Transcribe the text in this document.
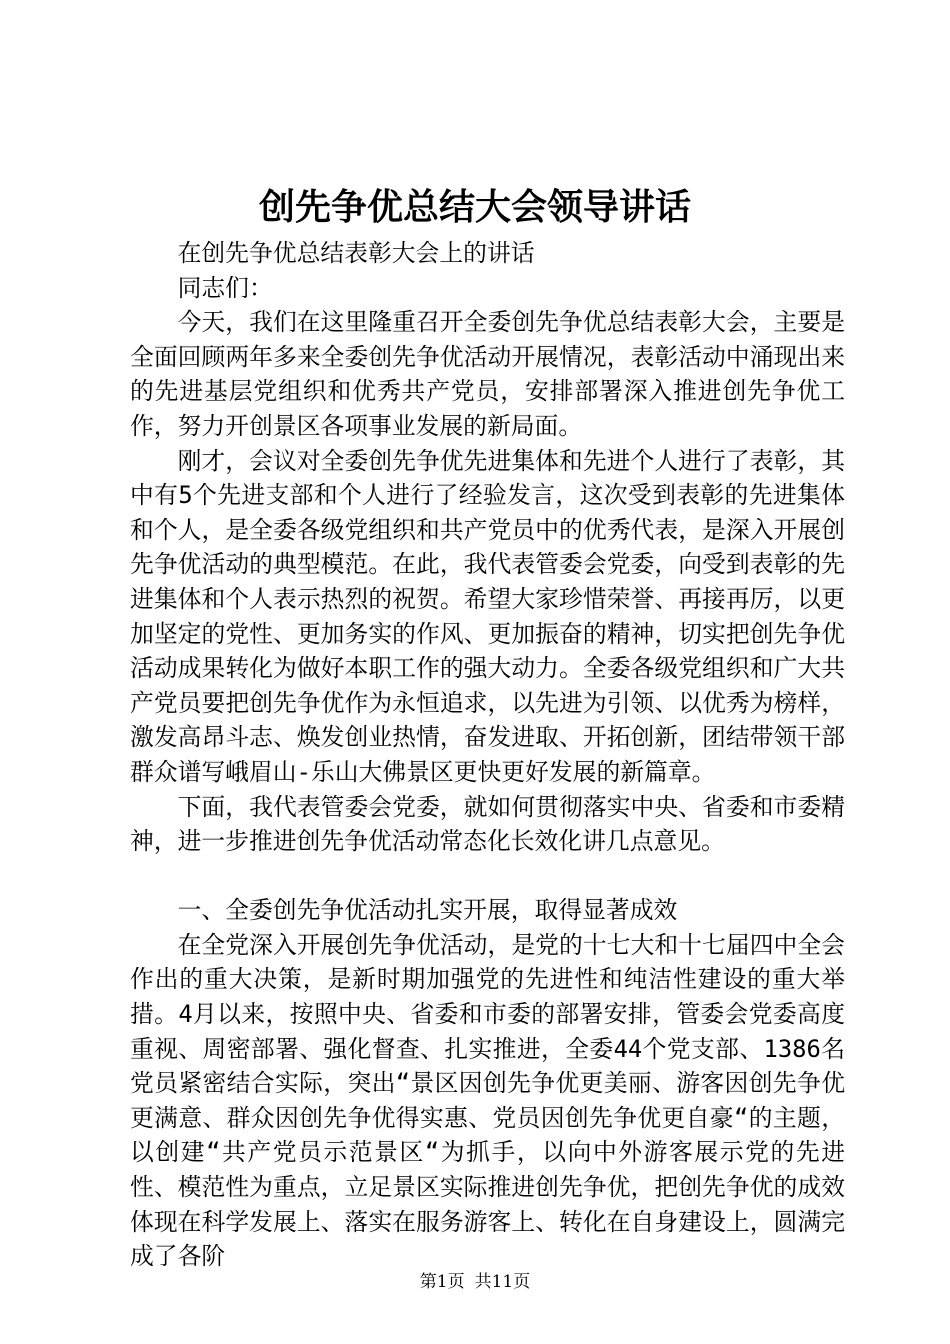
创先争优总结大会领导讲话

在创先争优总结表彰大会上的讲话

同志们：

今天，我们在这里隆重召开全委创先争优总结表彰大会，主要是全面回顾两年多来全委创先争优活动开展情况，表彰活动中涌现出来的先进基层党组织和优秀共产党员，安排部署深入推进创先争优工作，努力开创景区各项事业发展的新局面。

刚才，会议对全委创先争优先进集体和先进个人进行了表彰，其中有5个先进支部和个人进行了经验发言，这次受到表彰的先进集体和个人，是全委各级党组织和共产党员中的优秀代表，是深入开展创先争优活动的典型模范。在此，我代表管委会党委，向受到表彰的先进集体和个人表示热烈的祝贺。希望大家珍惜荣誉、再接再厉，以更加坚定的党性、更加务实的作风、更加振奋的精神，切实把创先争优活动成果转化为做好本职工作的强大动力。全委各级党组织和广大共产党员要把创先争优作为永恒追求，以先进为引领、以优秀为榜样，激发高昂斗志、焕发创业热情，奋发进取、开拓创新，团结带领干部群众谱写峨眉山-乐山大佛景区更快更好发展的新篇章。

下面，我代表管委会党委，就如何贯彻落实中央、省委和市委精神，进一步推进创先争优活动常态化长效化讲几点意见。

一、全委创先争优活动扎实开展，取得显著成效

在全党深入开展创先争优活动，是党的十七大和十七届四中全会作出的重大决策，是新时期加强党的先进性和纯洁性建设的重大举措。4月以来，按照中央、省委和市委的部署安排，管委会党委高度重视、周密部署、强化督查、扎实推进，全委44个党支部、1386名党员紧密结合实际，突出“景区因创先争优更美丽、游客因创先争优更满意、群众因创先争优得实惠、党员因创先争优更自豪“的主题，以创建“共产党员示范景区“为抓手，以向中外游客展示党的先进性、模范性为重点，立足景区实际推进创先争优，把创先争优的成效体现在科学发展上、落实在服务游客上、转化在自身建设上，圆满完成了各阶

第1页 共11页
